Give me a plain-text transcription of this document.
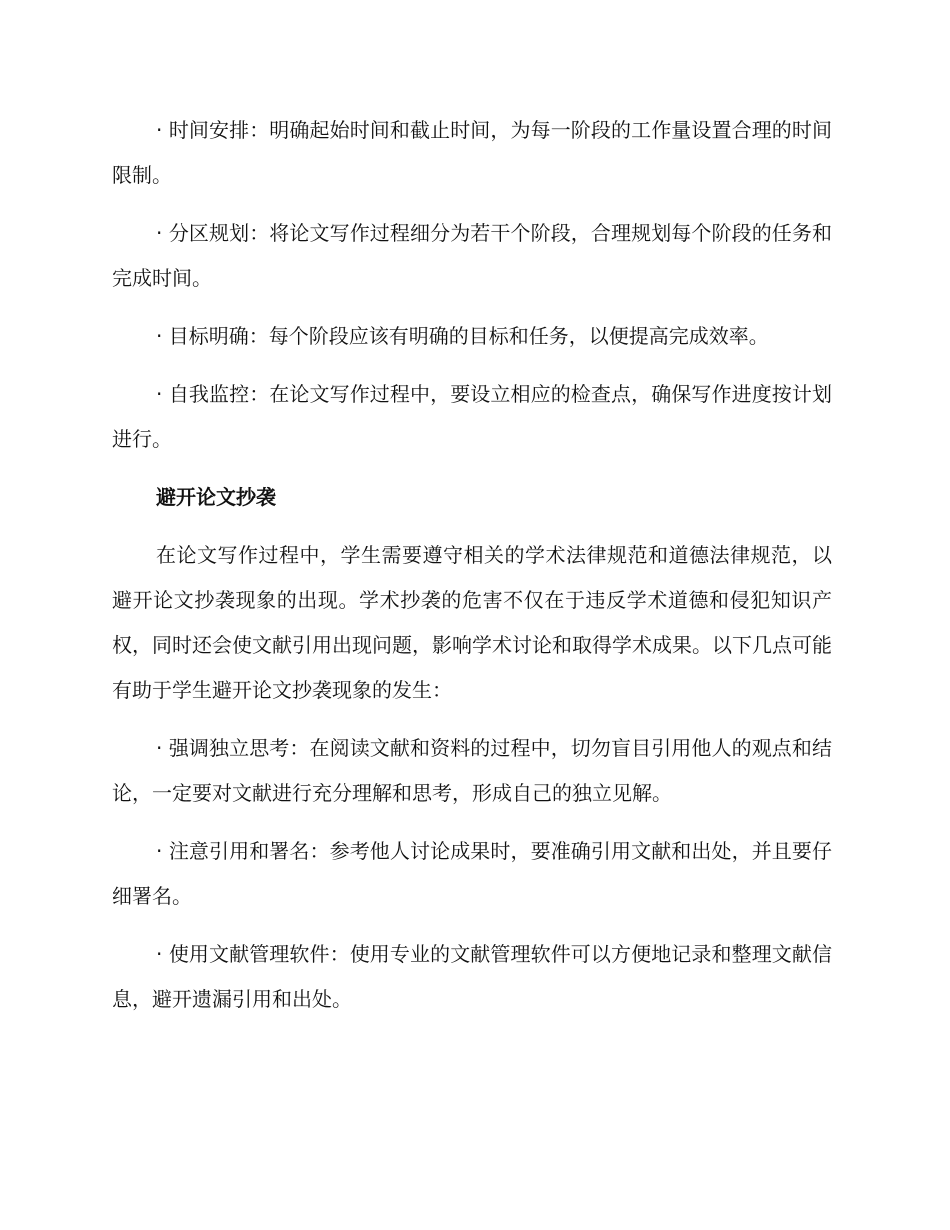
· 时间安排：明确起始时间和截止时间，为每一阶段的工作量设置合理的时间限制。

· 分区规划：将论文写作过程细分为若干个阶段，合理规划每个阶段的任务和完成时间。

· 目标明确：每个阶段应该有明确的目标和任务，以便提高完成效率。

· 自我监控：在论文写作过程中，要设立相应的检查点，确保写作进度按计划进行。

避开论文抄袭

在论文写作过程中，学生需要遵守相关的学术法律规范和道德法律规范，以避开论文抄袭现象的出现。学术抄袭的危害不仅在于违反学术道德和侵犯知识产权，同时还会使文献引用出现问题，影响学术讨论和取得学术成果。以下几点可能有助于学生避开论文抄袭现象的发生：

· 强调独立思考：在阅读文献和资料的过程中，切勿盲目引用他人的观点和结论，一定要对文献进行充分理解和思考，形成自己的独立见解。

· 注意引用和署名：参考他人讨论成果时，要准确引用文献和出处，并且要仔细署名。

· 使用文献管理软件：使用专业的文献管理软件可以方便地记录和整理文献信息，避开遗漏引用和出处。
